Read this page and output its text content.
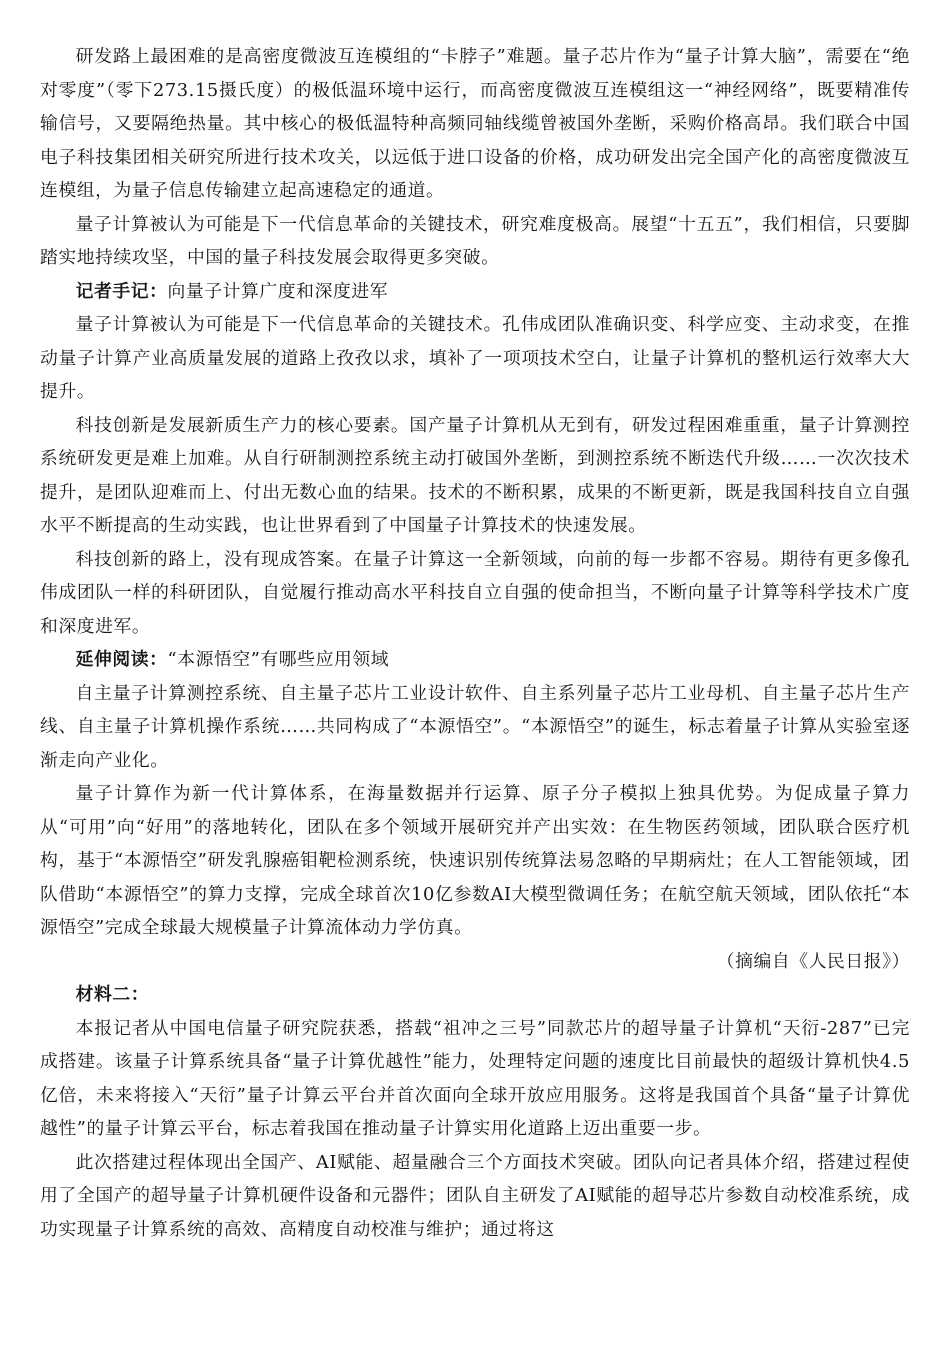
研发路上最困难的是高密度微波互连模组的“卡脖子”难题。量子芯片作为“量子计算大脑”，需要在“绝对零度”（零下273.15摄氏度）的极低温环境中运行，而高密度微波互连模组这一“神经网络”，既要精准传输信号，又要隔绝热量。其中核心的极低温特种高频同轴线缆曾被国外垄断，采购价格高昂。我们联合中国电子科技集团相关研究所进行技术攻关，以远低于进口设备的价格，成功研发出完全国产化的高密度微波互连模组，为量子信息传输建立起高速稳定的通道。

量子计算被认为可能是下一代信息革命的关键技术，研究难度极高。展望“十五五”，我们相信，只要脚踏实地持续攻坚，中国的量子科技发展会取得更多突破。

记者手记：向量子计算广度和深度进军

量子计算被认为可能是下一代信息革命的关键技术。孔伟成团队准确识变、科学应变、主动求变，在推动量子计算产业高质量发展的道路上孜孜以求，填补了一项项技术空白，让量子计算机的整机运行效率大大提升。

科技创新是发展新质生产力的核心要素。国产量子计算机从无到有，研发过程困难重重，量子计算测控系统研发更是难上加难。从自行研制测控系统主动打破国外垄断，到测控系统不断迭代升级……一次次技术提升，是团队迎难而上、付出无数心血的结果。技术的不断积累，成果的不断更新，既是我国科技自立自强水平不断提高的生动实践，也让世界看到了中国量子计算技术的快速发展。

科技创新的路上，没有现成答案。在量子计算这一全新领域，向前的每一步都不容易。期待有更多像孔伟成团队一样的科研团队，自觉履行推动高水平科技自立自强的使命担当，不断向量子计算等科学技术广度和深度进军。

延伸阅读：“本源悟空”有哪些应用领域

自主量子计算测控系统、自主量子芯片工业设计软件、自主系列量子芯片工业母机、自主量子芯片生产线、自主量子计算机操作系统……共同构成了“本源悟空”。“本源悟空”的诞生，标志着量子计算从实验室逐渐走向产业化。

量子计算作为新一代计算体系，在海量数据并行运算、原子分子模拟上独具优势。为促成量子算力从“可用”向“好用”的落地转化，团队在多个领域开展研究并产出实效：在生物医药领域，团队联合医疗机构，基于“本源悟空”研发乳腺癌钼靶检测系统，快速识别传统算法易忽略的早期病灶；在人工智能领域，团队借助“本源悟空”的算力支撑，完成全球首次10亿参数AI大模型微调任务；在航空航天领域，团队依托“本源悟空”完成全球最大规模量子计算流体动力学仿真。

（摘编自《人民日报》）

材料二：

本报记者从中国电信量子研究院获悉，搭载“祖冲之三号”同款芯片的超导量子计算机“天衍-287”已完成搭建。该量子计算系统具备“量子计算优越性”能力，处理特定问题的速度比目前最快的超级计算机快4.5亿倍，未来将接入“天衍”量子计算云平台并首次面向全球开放应用服务。这将是我国首个具备“量子计算优越性”的量子计算云平台，标志着我国在推动量子计算实用化道路上迈出重要一步。

此次搭建过程体现出全国产、AI赋能、超量融合三个方面技术突破。团队向记者具体介绍，搭建过程使用了全国产的超导量子计算机硬件设备和元器件；团队自主研发了AI赋能的超导芯片参数自动校准系统，成功实现量子计算系统的高效、高精度自动校准与维护；通过将这
